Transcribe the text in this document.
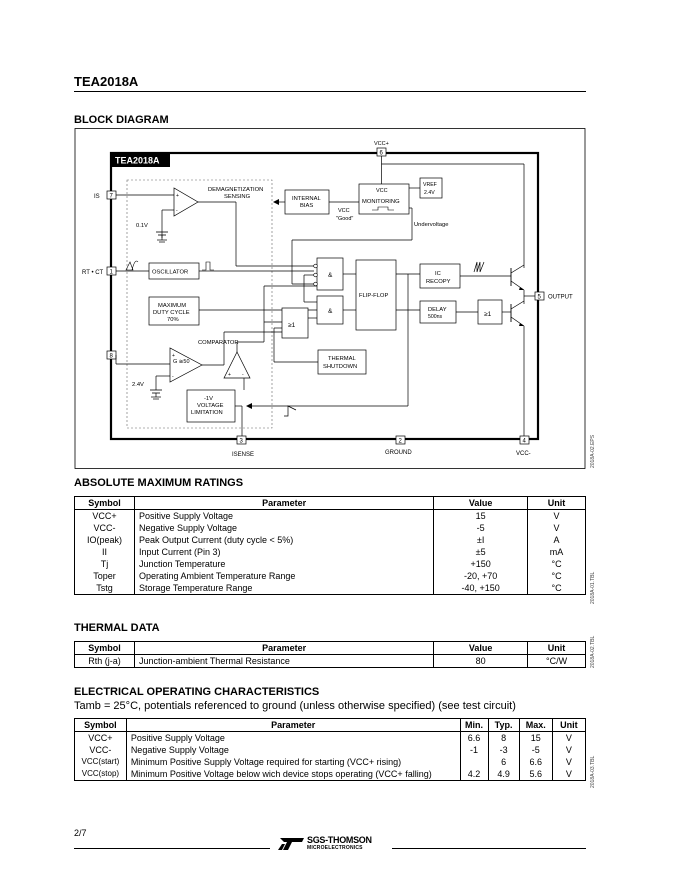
TEA2018A
BLOCK DIAGRAM
TEA2018A
VCC+
6
IS 7	+
-
DEMAGNETIZATION
SENSING
0.1V
INTERNAL
BIAS
VCC
MONITORING
VCC
"Good"
VREF
2.4V
Undervoltage
RT • CT 1	OSCILLATOR
MAXIMUM
DUTY CYCLE
70%
&
&
≥1
FLIP-FLOP
IC
RECOPY
DELAY
500ns	≥1
5 OUTPUT
8
COMPARATOR
G ≅50
+
-
2.4V
+ -
-1V
VOLTAGE
LIMITATION
THERMAL
SHUTDOWN
3
ISENSE
2
GROUND
4
VCC-	2018A-02.EPS
ABSOLUTE MAXIMUM RATINGS
Symbol	Parameter	Value	Unit
VCC+	Positive Supply Voltage	15	V
VCC-	Negative Supply Voltage	-5	V
IO(peak)	Peak Output Current (duty cycle < 5%)	±I	A
II	Input Current (Pin 3)	±5	mA
Tj	Junction Temperature	+150	°C
Toper	Operating Ambient Temperature Range	-20, +70	°C
Tstg	Storage Temperature Range	-40, +150	°C	2018A-01.TBL
THERMAL DATA
Symbol	Parameter	Value	Unit
Rth (j-a)	Junction-ambient Thermal Resistance	80	°C/W	2018A-02.TBL
ELECTRICAL OPERATING CHARACTERISTICS
Tamb = 25°C, potentials referenced to ground (unless otherwise specified) (see test circuit)
Symbol	Parameter	Min.	Typ.	Max.	Unit
VCC+	Positive Supply Voltage	6.6	8	15	V
VCC-	Negative Supply Voltage	-1	-3	-5	V
VCC(start)	Minimum Positive Supply Voltage required for starting (VCC+ rising)		6	6.6	V
VCC(stop)	Minimum Positive Voltage below wich device stops operating (VCC+ falling)	4.2	4.9	5.6	V	2018A-03.TBL
2/7
SGS-THOMSON
MICROELECTRONICS
